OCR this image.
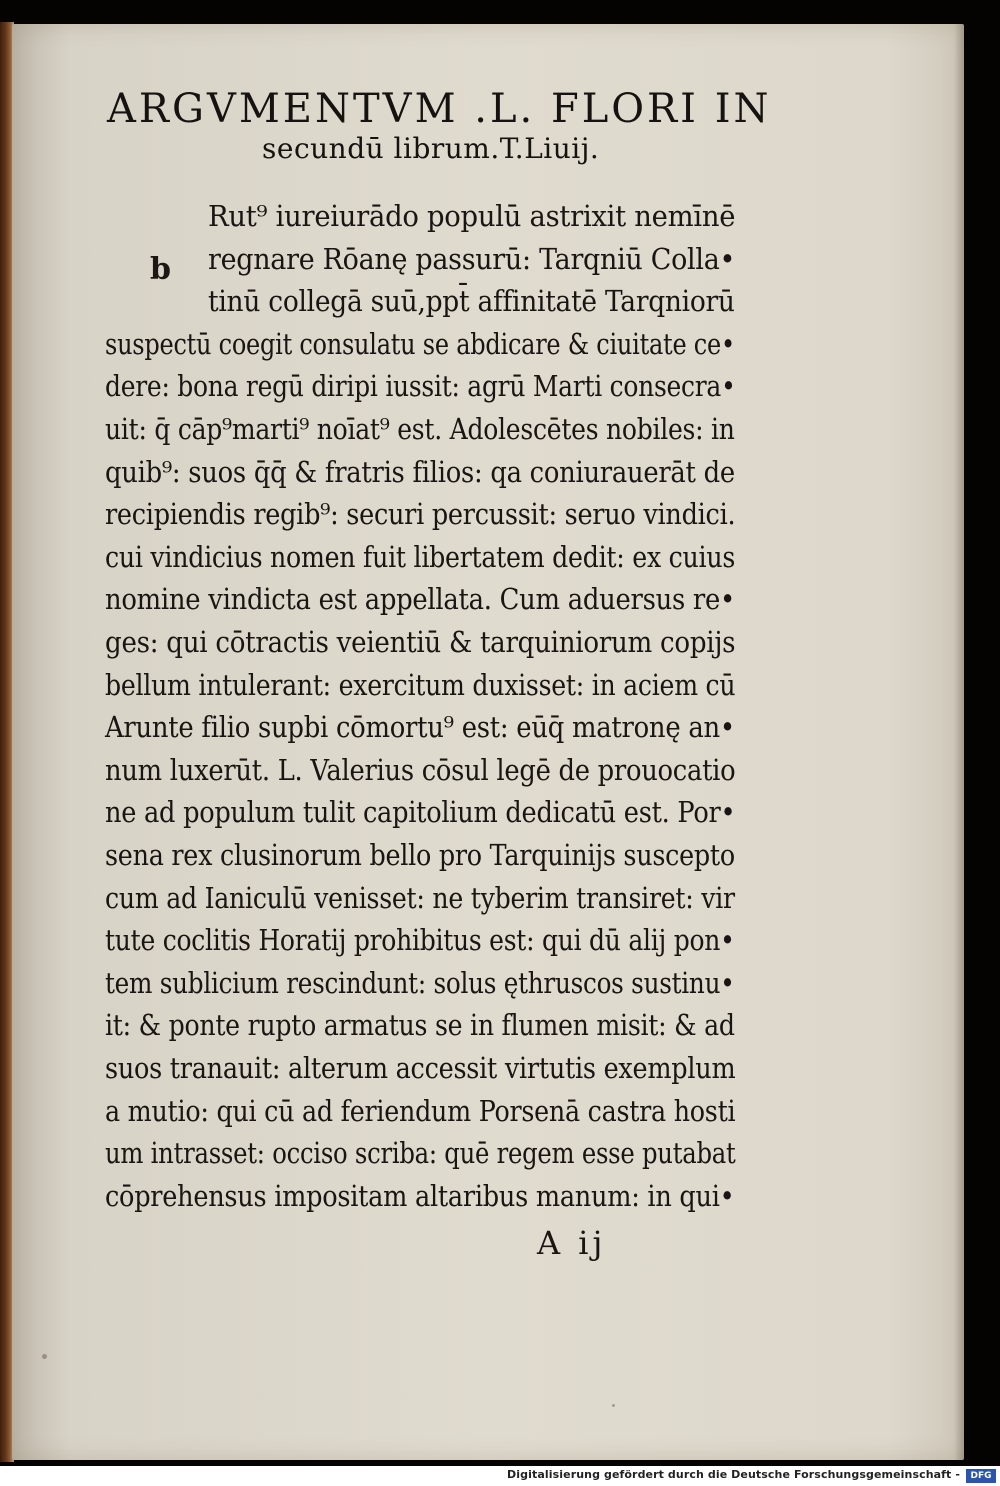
ARGVMENTVM .L. FLORI IN
secundū librum.T.Liuij.
b
Rut⁹ iureiurādo populū astrixit nemīnē
regnare Rōanę passurū: Tarqniū Colla•
tinū collegā suū,ppt̄ affinitatē Tarqniorū
suspectū coegit consulatu se abdicare & ciuitate ce•
dere: bona regū diripi iussit: agrū Marti consecra•
uit: q̄ cāp⁹marti⁹ noīat⁹ est. Adolescētes nobiles: in
quib⁹: suos q̄q̄ & fratris filios: qa coniurauerāt de
recipiendis regib⁹: securi percussit: seruo vindici.
cui vindicius nomen fuit libertatem dedit: ex cuius
nomine vindicta est appellata. Cum aduersus re•
ges: qui cōtractis veientiū & tarquiniorum copijs
bellum intulerant: exercitum duxisset: in aciem cū
Arunte filio supbi cōmortu⁹ est: eūq̄ matronę an•
num luxerūt. L. Valerius cōsul legē de prouocatio
ne ad populum tulit capitolium dedicatū est. Por•
sena rex clusinorum bello pro Tarquinijs suscepto
cum ad Ianiculū venisset: ne tyberim transiret: vir
tute coclitis Horatij prohibitus est: qui dū alij pon•
tem sublicium rescindunt: solus ęthruscos sustinu•
it: & ponte rupto armatus se in flumen misit: & ad
suos tranauit: alterum accessit virtutis exemplum
a mutio: qui cū ad feriendum Porsenā castra hosti
um intrasset: occiso scriba: quē regem esse putabat
cōprehensus impositam altaribus manum: in qui•
A ij
Digitalisierung gefördert durch die Deutsche Forschungsgemeinschaft -	DFG
